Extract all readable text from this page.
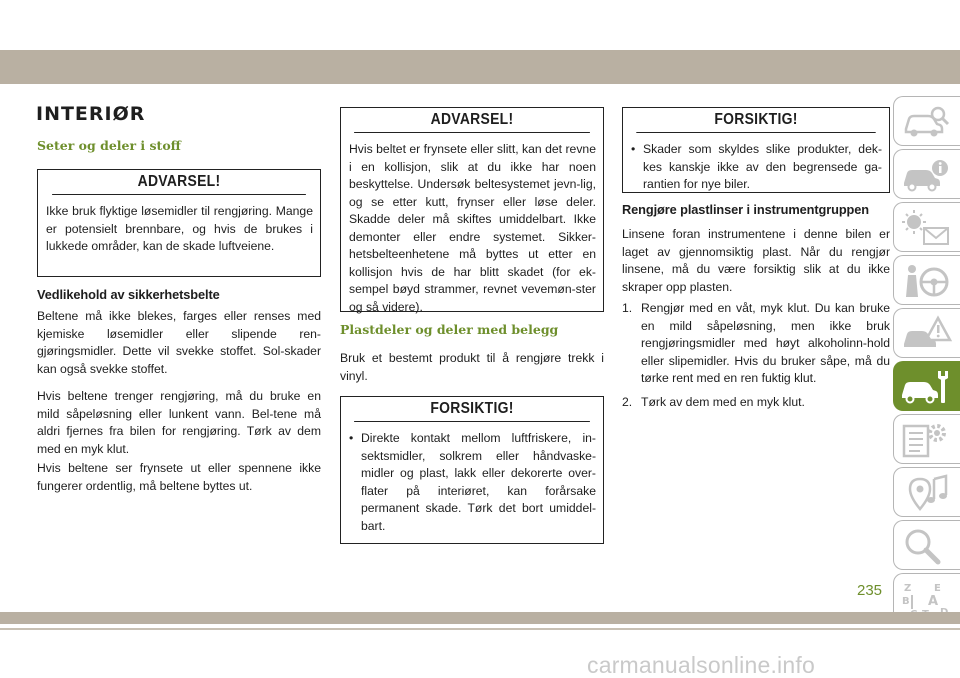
INTERIØR
Seter og deler i stoff
ADVARSEL!
Ikke bruk flyktige løsemidler til rengjøring. Mange er potensielt brennbare, og hvis de brukes i lukkede områder, kan de skade luftveiene.
Vedlikehold av sikkerhetsbelte
Beltene må ikke blekes, farges eller renses med kjemiske løsemidler eller slipende ren-gjøringsmidler. Dette vil svekke stoffet. Sol-skader kan også svekke stoffet.
Hvis beltene trenger rengjøring, må du bruke en mild såpeløsning eller lunkent vann. Bel-tene må aldri fjernes fra bilen for rengjøring. Tørk av dem med en myk klut.
Hvis beltene ser frynsete ut eller spennene ikke fungerer ordentlig, må beltene byttes ut.
ADVARSEL!
Hvis beltet er frynsete eller slitt, kan det revne i en kollisjon, slik at du ikke har noen beskyttelse. Undersøk beltesystemet jevn-lig, og se etter kutt, frynser eller løse deler. Skadde deler må skiftes umiddelbart. Ikke demonter eller endre systemet. Sikker-hetsbelteenhetene må byttes ut etter en kollisjon hvis de har blitt skadet (for ek-sempel bøyd strammer, revnet vevemøn-ster og så videre).
Plastdeler og deler med belegg
Bruk et bestemt produkt til å rengjøre trekk i vinyl.
FORSIKTIG!
• Direkte kontakt mellom luftfriskere, in-sektsmidler, solkrem eller håndvaske-midler og plast, lakk eller dekorerte over-flater på interiøret, kan forårsake permanent skade. Tørk det bort umiddel-bart.
FORSIKTIG!
• Skader som skyldes slike produkter, dek-kes kanskje ikke av den begrensede ga-rantien for nye biler.
Rengjøre plastlinser i instrumentgruppen
Linsene foran instrumentene i denne bilen er laget av gjennomsiktig plast. Når du rengjør linsene, må du være forsiktig slik at du ikke skraper opp plasten.
1. Rengjør med en våt, myk klut. Du kan bruke en mild såpeløsning, men ikke bruk rengjøringsmidler med høyt alkoholinn-hold eller slipemidler. Hvis du bruker såpe, må du tørke rent med en ren fuktig klut.
2. Tørk av dem med en myk klut.
Z E
B A
235
carmanualsonline.info
